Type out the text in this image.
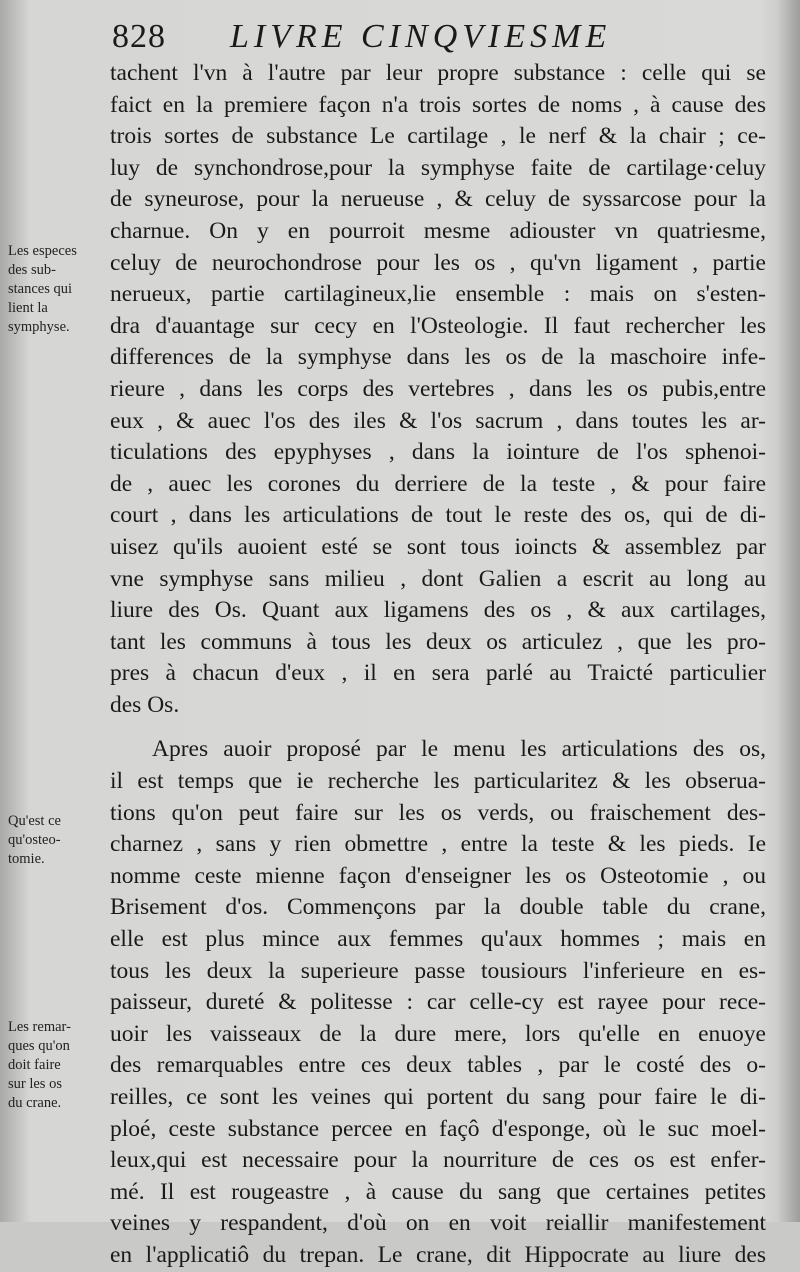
828 LIVRE CINQVIESME
Les especes
des sub-
stances qui
lient la
symphyse.
Qu'est ce
qu'osteo-
tomie.
Les remar-
ques qu'on
doit faire
sur les os
du crane.
tachent l'vn à l'autre par leur propre substance : celle qui se
faict en la premiere façon n'a trois sortes de noms , à cause des
trois sortes de substance Le cartilage , le nerf & la chair ; ce-
luy de synchondrose,pour la symphyse faite de cartilage·celuy
de syneurose, pour la nerueuse , & celuy de syssarcose pour la
charnue. On y en pourroit mesme adiouster vn quatriesme,
celuy de neurochondrose pour les os , qu'vn ligament , partie
nerueux, partie cartilagineux,lie ensemble : mais on s'esten-
dra d'auantage sur cecy en l'Osteologie. Il faut rechercher les
differences de la symphyse dans les os de la maschoire infe-
rieure , dans les corps des vertebres , dans les os pubis,entre
eux , & auec l'os des iles & l'os sacrum , dans toutes les ar-
ticulations des epyphyses , dans la iointure de l'os sphenoi-
de , auec les corones du derriere de la teste , & pour faire
court , dans les articulations de tout le reste des os, qui de di-
uisez qu'ils auoient esté se sont tous ioincts & assemblez par
vne symphyse sans milieu , dont Galien a escrit au long au
liure des Os. Quant aux ligamens des os , & aux cartilages,
tant les communs à tous les deux os articulez , que les pro-
pres à chacun d'eux , il en sera parlé au Traicté particulier
des Os.
Apres auoir proposé par le menu les articulations des os,
il est temps que ie recherche les particularitez & les obserua-
tions qu'on peut faire sur les os verds, ou fraischement des-
charnez , sans y rien obmettre , entre la teste & les pieds. Ie
nomme ceste mienne façon d'enseigner les os Osteotomie , ou
Brisement d'os. Commençons par la double table du crane,
elle est plus mince aux femmes qu'aux hommes ; mais en
tous les deux la superieure passe tousiours l'inferieure en es-
paisseur, dureté & politesse : car celle-cy est rayee pour rece-
uoir les vaisseaux de la dure mere, lors qu'elle en enuoye
des remarquables entre ces deux tables , par le costé des o-
reilles, ce sont les veines qui portent du sang pour faire le di-
ploé, ceste substance percee en façô d'esponge, où le suc moel-
leux,qui est necessaire pour la nourriture de ces os est enfer-
mé. Il est rougeastre , à cause du sang que certaines petites
veines y respandent, d'où on en voit reiallir manifestement
en l'applicatiô du trepan. Le crane, dit Hippocrate au liure des
